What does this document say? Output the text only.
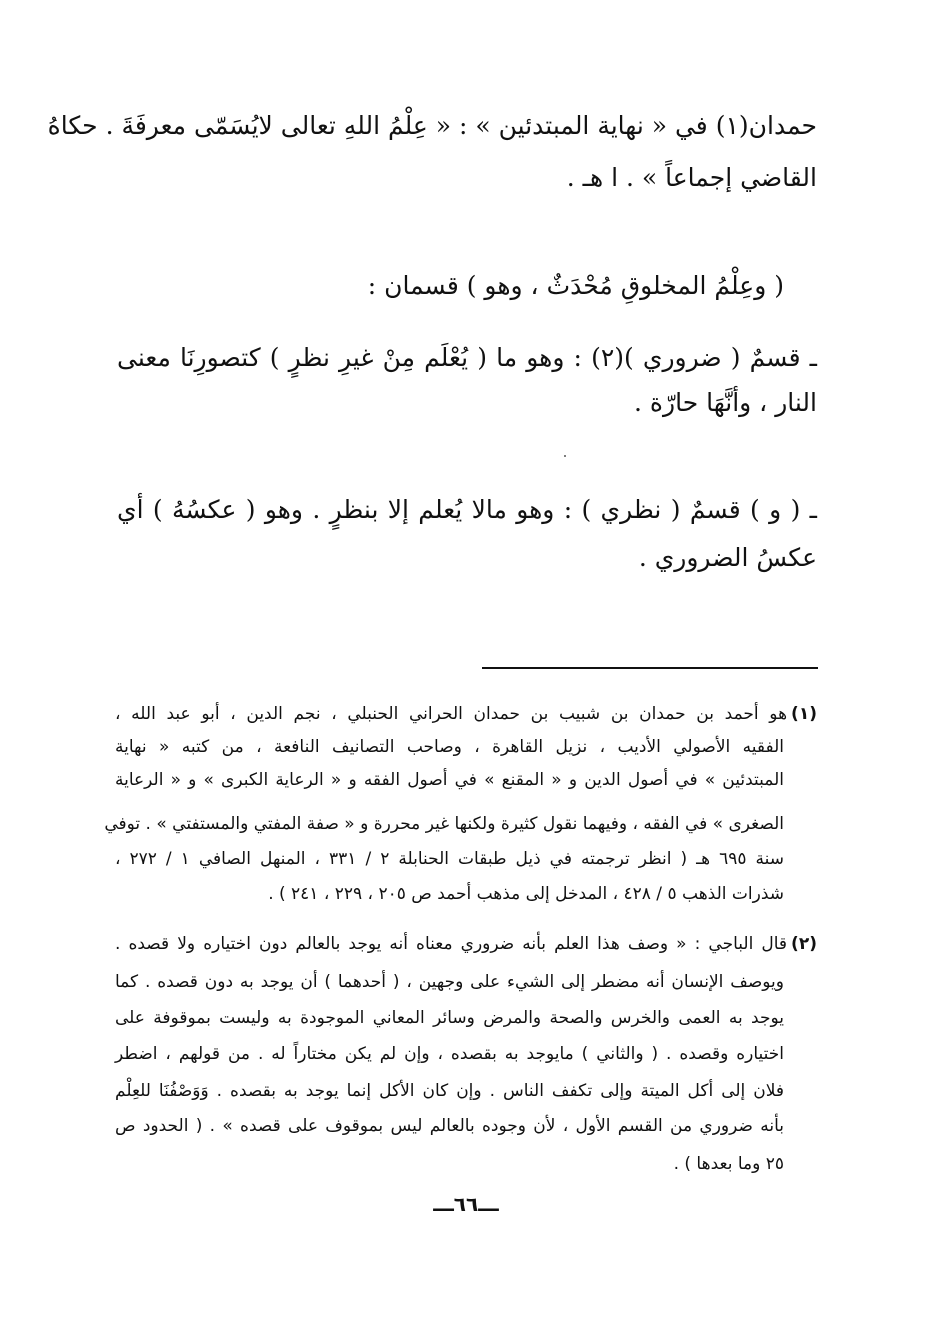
حمدان(١) في « نهاية المبتدئين » : « عِلْمُ اللهِ تعالى لايُسَمّى معرفَةَ . حكاهُ
القاضي إجماعاً » . ا هـ .
( وعِلْمُ المخلوقِ مُحْدَثٌ ، وهو ) قسمان :
ـ قسمٌ ( ضروري )(٢) : وهو ما ( يُعْلَم مِنْ غيرِ نظرٍ ) كتصورِنَا معنى
النار ، وأنَّهَا حارّة .
ـ ( و ) قسمٌ ( نظري ) : وهو مالا يُعلم إلا بنظرٍ . وهو ( عكسُهُ ) أي
عكسُ الضروري .
(١)هو أحمد بن حمدان بن شبيب بن حمدان الحراني الحنبلي ، نجم الدين ، أبو عبد الله ،
الفقيه الأصولي الأديب ، نزيل القاهرة ، وصاحب التصانيف النافعة ، من كتبه « نهاية
المبتدئين » في أصول الدين و « المقنع » في أصول الفقه و « الرعاية الكبرى » و « الرعاية
الصغرى » في الفقه ، وفيهما نقول كثيرة ولكنها غير محررة و « صفة المفتي والمستفتي » . توفي
سنة ٦٩٥ هـ ( انظر ترجمته في ذيل طبقات الحنابلة ٢ / ٣٣١ ، المنهل الصافي ١ / ٢٧٢ ،
شذرات الذهب ٥ / ٤٢٨ ، المدخل إلى مذهب أحمد ص ٢٠٥ ، ٢٢٩ ، ٢٤١ ) .
(٢)قال الباجي : « وصف هذا العلم بأنه ضروري معناه أنه يوجد بالعالم دون اختياره ولا قصده .
ويوصف الإنسان أنه مضطر إلى الشيء على وجهين ، ( أحدهما ) أن يوجد به دون قصده . كما
يوجد به العمى والخرس والصحة والمرض وسائر المعاني الموجودة به وليست بموقوفة على
اختياره وقصده . ( والثاني ) مايوجد به بقصده ، وإن لم يكن مختاراً له . من قولهم ، اضطر
فلان إلى أكل الميتة وإلى تكفف الناس . وإن كان الأكل إنما يوجد به بقصده . وَوَصْفُنَا للعِلْم
بأنه ضروري من القسم الأول ، لأن وجوده بالعالم ليس بموقوف على قصده » . ( الحدود ص
٢٥ وما بعدها ) .
ـــ٦٦ـــ
